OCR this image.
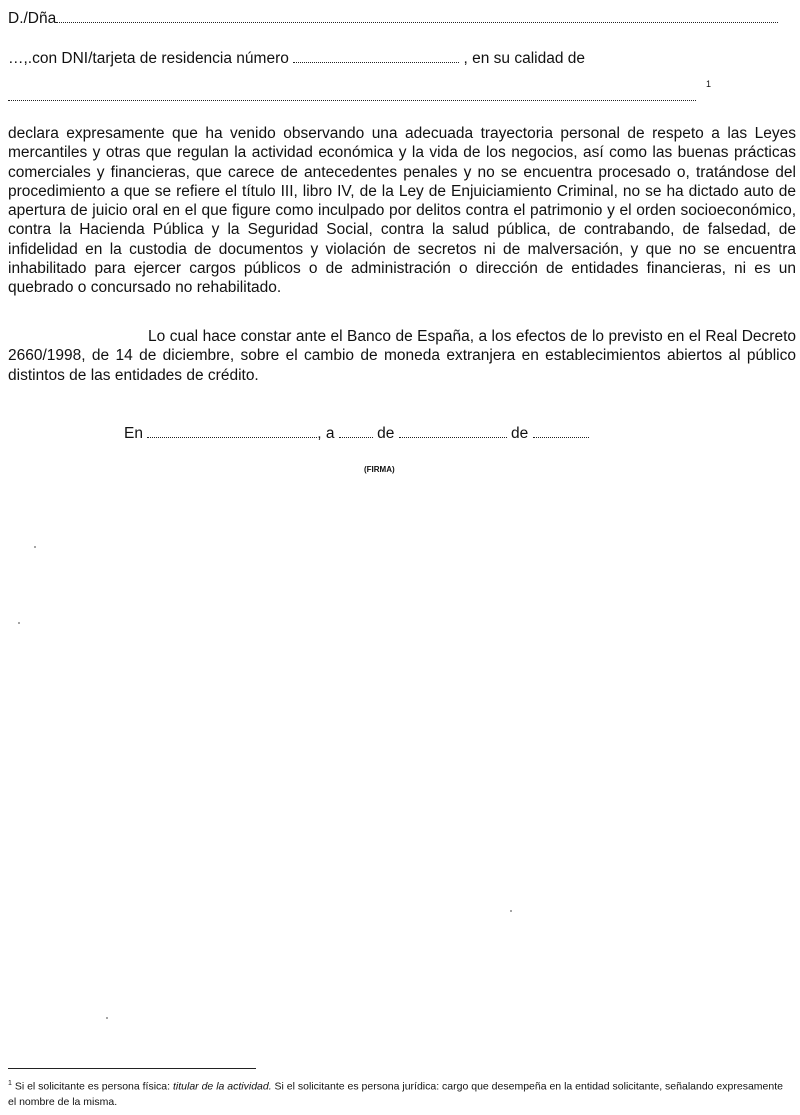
D./Dña
…,.con DNI/tarjeta de residencia número	, en su calidad de
$^1$

declara expresamente que ha venido observando una adecuada trayectoria personal de respeto a las Leyes mercantiles y otras que regulan la actividad económica y la vida de los negocios, así como las buenas prácticas comerciales y financieras, que carece de antecedentes penales y no se encuentra procesado o, tratándose del procedimiento a que se refiere el título III, libro IV, de la Ley de Enjuiciamiento Criminal, no se ha dictado auto de apertura de juicio oral en el que figure como inculpado por delitos contra el patrimonio y el orden socioeconómico, contra la Hacienda Pública y la Seguridad Social, contra la salud pública, de contrabando, de falsedad, de infidelidad en la custodia de documentos y violación de secretos ni de malversación, y que no se encuentra inhabilitado para ejercer cargos públicos o de administración o dirección de entidades financieras, ni es un quebrado o concursado no rehabilitado.

Lo cual hace constar ante el Banco de España, a los efectos de lo previsto en el Real Decreto 2660/1998, de 14 de diciembre, sobre el cambio de moneda extranjera en establecimientos abiertos al público distintos de las entidades de crédito.

En	, a	de	de
(FIRMA)
$^1$ Si el solicitante es persona física: titular de la actividad. Si el solicitante es persona jurídica: cargo que desempeña en la entidad solicitante, señalando expresamente el nombre de la misma.
